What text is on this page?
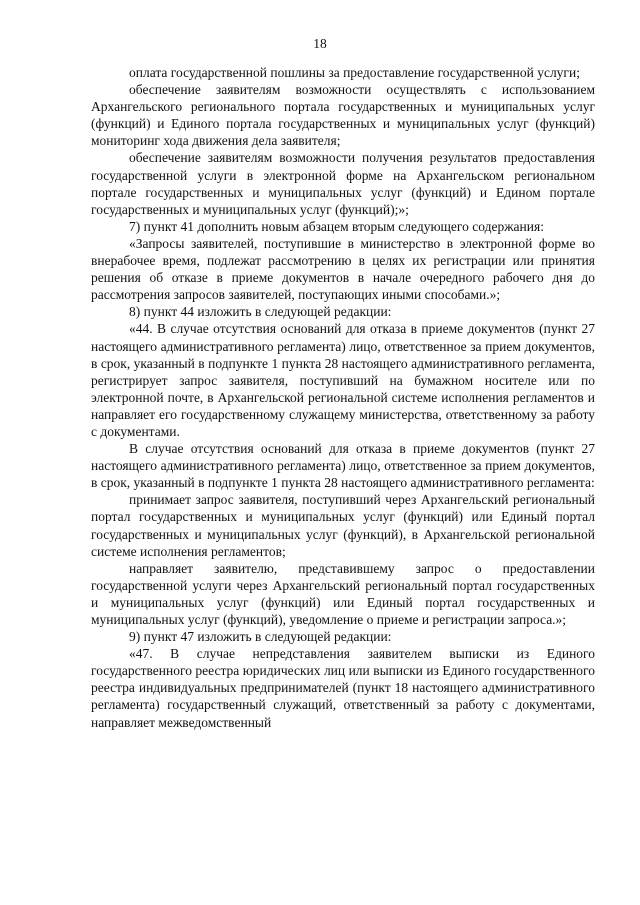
18

оплата государственной пошлины за предоставление государственной услуги;

обеспечение заявителям возможности осуществлять с использованием Архангельского регионального портала государственных и муниципальных услуг (функций) и Единого портала государственных и муниципальных услуг (функций) мониторинг хода движения дела заявителя;

обеспечение заявителям возможности получения результатов предоставления государственной услуги в электронной форме на Архангельском региональном портале государственных и муниципальных услуг (функций) и Едином портале государственных и муниципальных услуг (функций);»;

7) пункт 41 дополнить новым абзацем вторым следующего содержания:

«Запросы заявителей, поступившие в министерство в электронной форме во внерабочее время, подлежат рассмотрению в целях их регистрации или принятия решения об отказе в приеме документов в начале очередного рабочего дня до рассмотрения запросов заявителей, поступающих иными способами.»;

8) пункт 44 изложить в следующей редакции:

«44. В случае отсутствия оснований для отказа в приеме документов (пункт 27 настоящего административного регламента) лицо, ответственное за прием документов, в срок, указанный в подпункте 1 пункта 28 настоящего административного регламента, регистрирует запрос заявителя, поступивший на бумажном носителе или по электронной почте, в Архангельской региональной системе исполнения регламентов и направляет его государственному служащему министерства, ответственному за работу с документами.

В случае отсутствия оснований для отказа в приеме документов (пункт 27 настоящего административного регламента) лицо, ответственное за прием документов, в срок, указанный в подпункте 1 пункта 28 настоящего административного регламента:

принимает запрос заявителя, поступивший через Архангельский региональный портал государственных и муниципальных услуг (функций) или Единый портал государственных и муниципальных услуг (функций), в Архангельской региональной системе исполнения регламентов;

направляет заявителю, представившему запрос о предоставлении государственной услуги через Архангельский региональный портал государственных и муниципальных услуг (функций) или Единый портал государственных и муниципальных услуг (функций), уведомление о приеме и регистрации запроса.»;

9) пункт 47 изложить в следующей редакции:

«47. В случае непредставления заявителем выписки из Единого государственного реестра юридических лиц или выписки из Единого государственного реестра индивидуальных предпринимателей (пункт 18 настоящего административного регламента) государственный служащий, ответственный за работу с документами, направляет межведомственный
